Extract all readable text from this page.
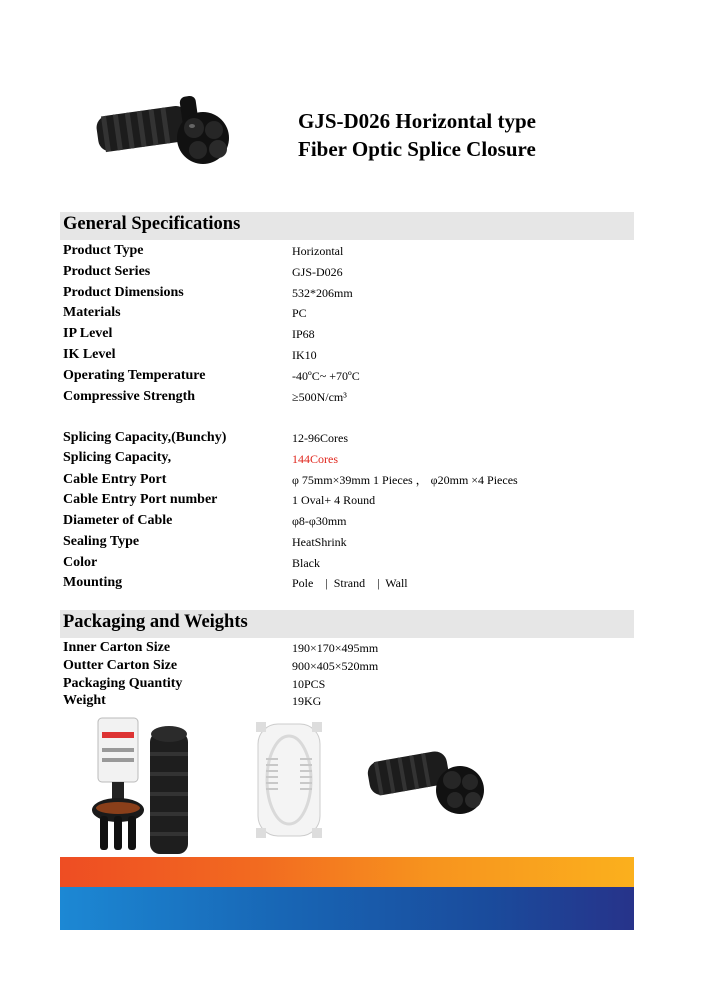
GJS-D026 Horizontal type
Fiber Optic Splice Closure
General Specifications
Product Type	Horizontal
Product Series	GJS-D026
Product Dimensions	532*206mm
Materials	PC
IP Level	IP68
IK Level	IK10
Operating Temperature	-40ºC~ +70ºC
Compressive Strength	≥500N/cm³
Splicing Capacity,(Bunchy)	12-96Cores
Splicing Capacity,	144Cores
Cable Entry Port	φ 75mm×39mm 1 Pieces ， φ20mm ×4 Pieces
Cable Entry Port number	1 Oval+ 4 Round
Diameter of Cable	φ8-φ30mm
Sealing Type	HeatShrink
Color	Black
Mounting	Pole    |  Strand    |  Wall
Packaging and Weights
Inner Carton Size	190×170×495mm
Outter Carton Size	900×405×520mm
Packaging Quantity	10PCS
Weight	19KG
